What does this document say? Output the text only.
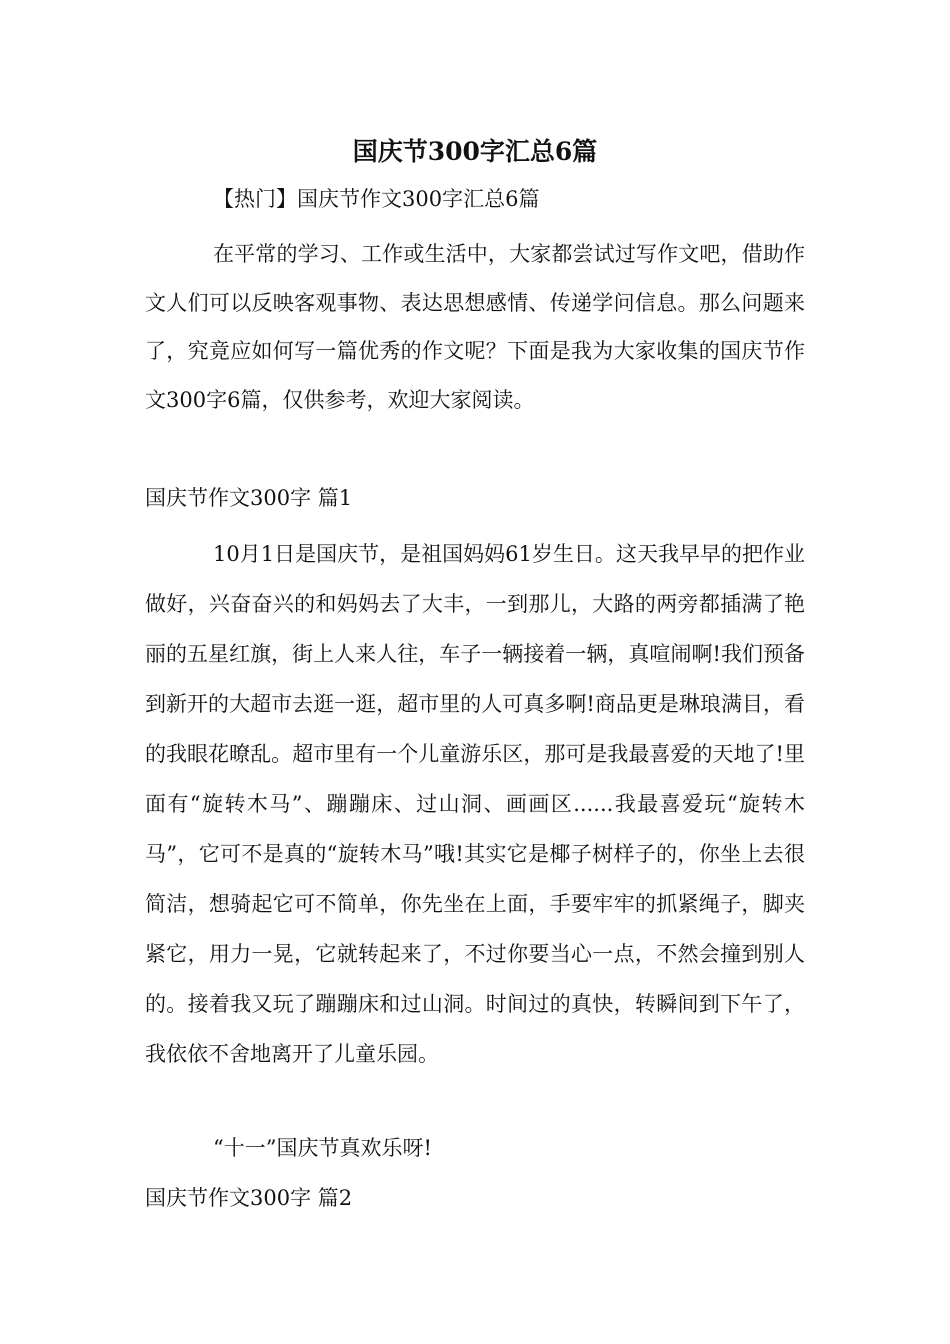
国庆节300字汇总6篇
【热门】国庆节作文300字汇总6篇
在平常的学习、工作或生活中，大家都尝试过写作文吧，借助作文人们可以反映客观事物、表达思想感情、传递学问信息。那么问题来了，究竟应如何写一篇优秀的作文呢？下面是我为大家收集的国庆节作文300字6篇，仅供参考，欢迎大家阅读。
国庆节作文300字 篇1
10月1日是国庆节，是祖国妈妈61岁生日。这天我早早的把作业做好，兴奋奋兴的和妈妈去了大丰，一到那儿，大路的两旁都插满了艳丽的五星红旗，街上人来人往，车子一辆接着一辆，真喧闹啊!我们预备到新开的大超市去逛一逛，超市里的人可真多啊!商品更是琳琅满目，看的我眼花暸乱。超市里有一个儿童游乐区，那可是我最喜爱的天地了!里面有“旋转木马”、蹦蹦床、过山洞、画画区......我最喜爱玩“旋转木马”，它可不是真的“旋转木马”哦!其实它是椰子树样子的，你坐上去很简洁，想骑起它可不简单，你先坐在上面，手要牢牢的抓紧绳子，脚夹紧它，用力一晃，它就转起来了，不过你要当心一点，不然会撞到别人的。接着我又玩了蹦蹦床和过山洞。时间过的真快，转瞬间到下午了，我依依不舍地离开了儿童乐园。
“十一”国庆节真欢乐呀!
国庆节作文300字 篇2
